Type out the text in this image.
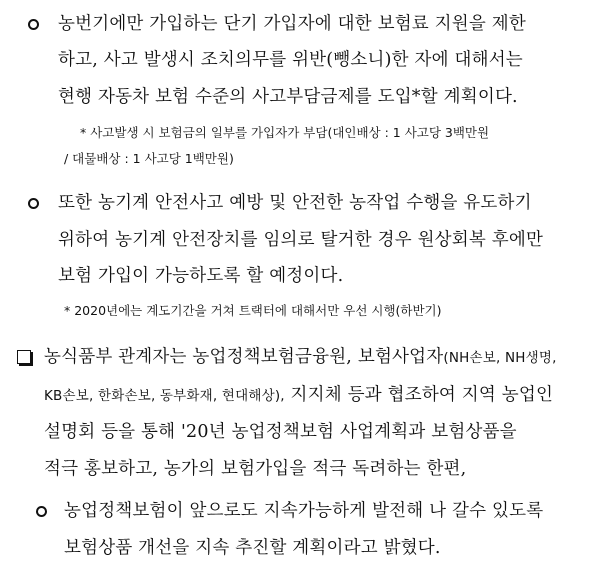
농번기에만 가입하는 단기 가입자에 대한 보험료 지원을 제한
하고, 사고 발생시 조치의무를 위반(뺑소니)한 자에 대해서는
현행 자동차 보험 수준의 사고부담금제를 도입*할 계획이다.
* 사고발생 시 보험금의 일부를 가입자가 부담(대인배상 : 1 사고당 3백만원
/ 대물배상 : 1 사고당 1백만원)
또한 농기계 안전사고 예방 및 안전한 농작업 수행을 유도하기
위하여 농기계 안전장치를 임의로 탈거한 경우 원상회복 후에만
보험 가입이 가능하도록 할 예정이다.
* 2020년에는 계도기간을 거쳐 트랙터에 대해서만 우선 시행(하반기)
농식품부 관계자는 농업정책보험금융원, 보험사업자(NH손보, NH생명,
KB손보, 한화손보, 동부화재, 현대해상), 지지체 등과 협조하여 지역 농업인
설명회 등을 통해 '20년 농업정책보험 사업계획과 보험상품을
적극 홍보하고, 농가의 보험가입을 적극 독려하는 한편,
농업정책보험이 앞으로도 지속가능하게 발전해 나 갈수 있도록
보험상품 개선을 지속 추진할 계획이라고 밝혔다.
